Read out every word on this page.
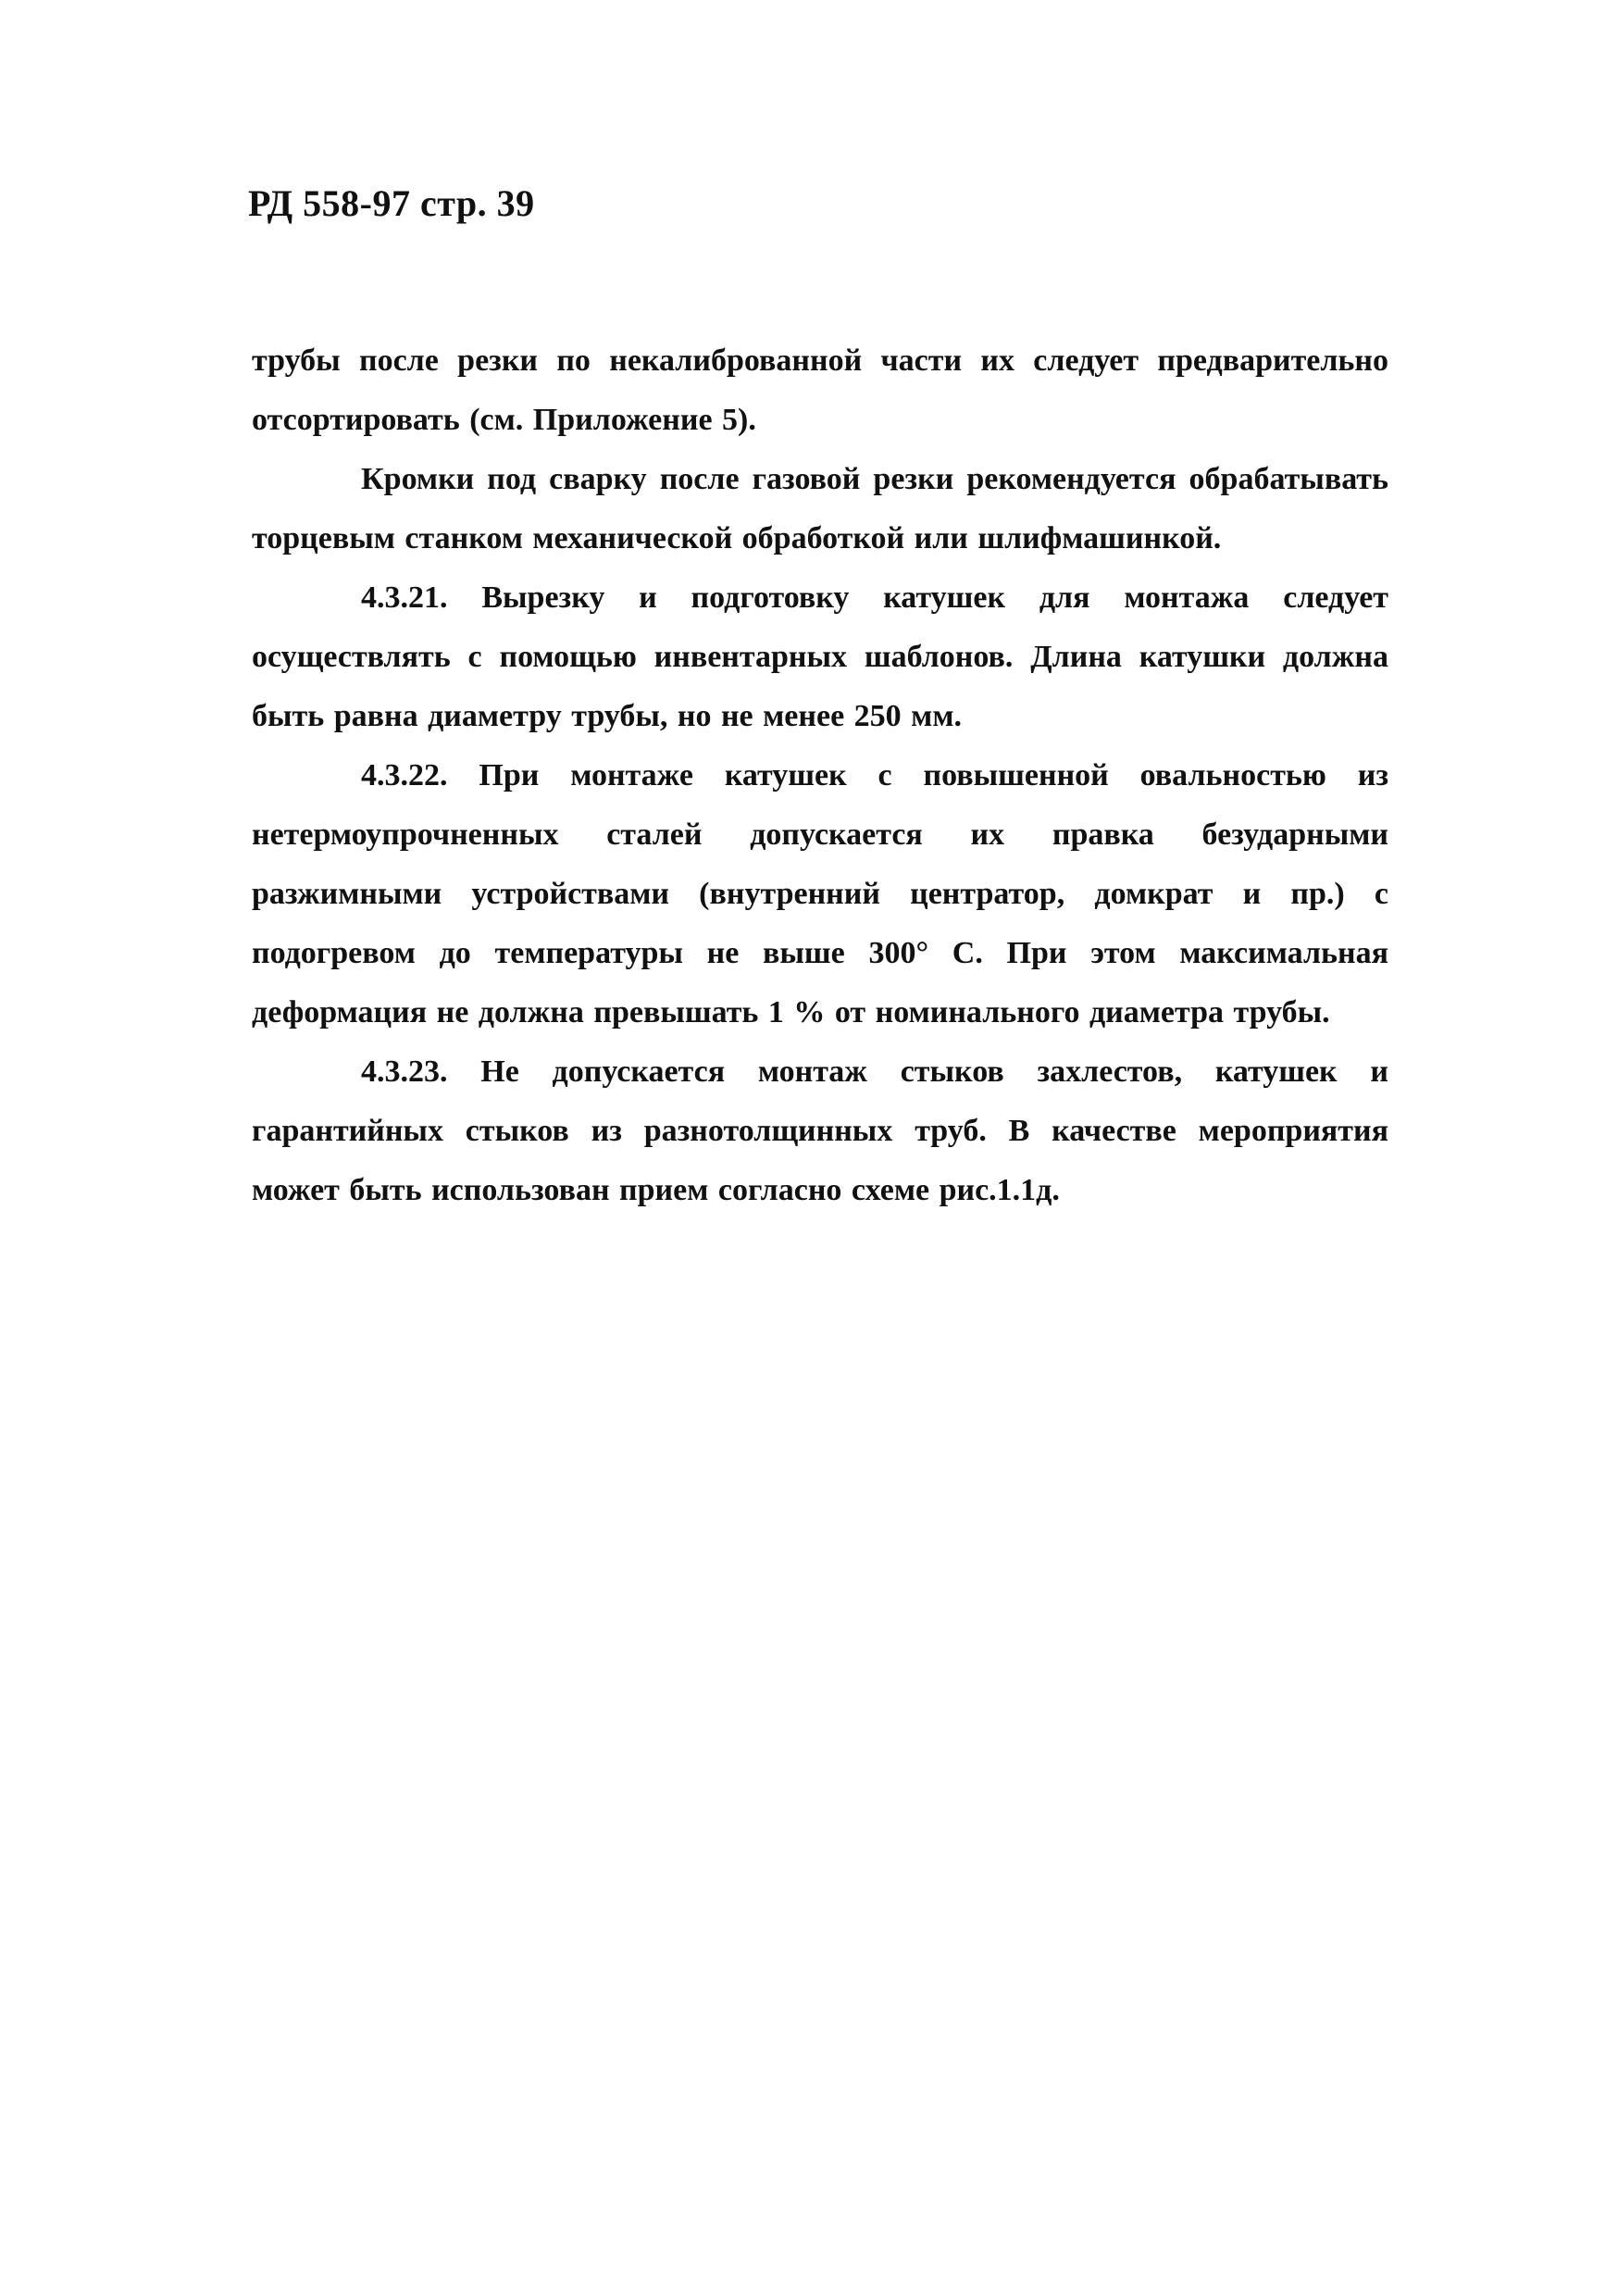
РД 558-97 стр. 39

трубы после резки по некалиброванной части их следует предварительно отсортировать (см. Приложение 5).

Кромки под сварку после газовой резки рекомендуется обрабатывать торцевым станком механической обработкой или шлифмашинкой.

4.3.21. Вырезку и подготовку катушек для монтажа следует осуществлять с помощью инвентарных шаблонов. Длина катушки должна быть равна диаметру трубы, но не менее 250 мм.

4.3.22. При монтаже катушек с повышенной овальностью из нетермоупрочненных сталей допускается их правка безударными разжимными устройствами (внутренний центратор, домкрат и пр.) с подогревом до температуры не выше 300° С. При этом максимальная деформация не должна превышать 1 % от номинального диаметра трубы.

4.3.23. Не допускается монтаж стыков захлестов, катушек и гарантийных стыков из разнотолщинных труб. В качестве мероприятия может быть использован прием согласно схеме рис.1.1д.
